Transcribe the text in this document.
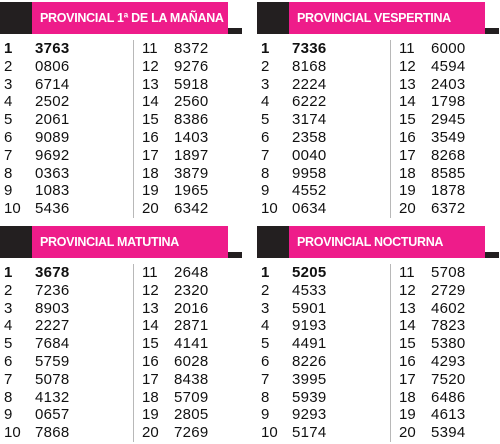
PROVINCIAL 1ª DE LA MAÑANA
1	3763
2	0806
3	6714
4	2502
5	2061
6	9089
7	9692
8	0363
9	1083
10 5436
11	8372
12	9276
13	5918
14	2560
15	8386
16	1403
17	1897
18	3879
19	1965
20	6342
PROVINCIAL VESPERTINA
1	7336
2	8168
3	2224
4	6222
5	3174
6	2358
7	0040
8	9958
9	4552
10 0634
11	6000
12	4594
13	2403
14	1798
15	2945
16	3549
17	8268
18	8585
19	1878
20	6372
PROVINCIAL MATUTINA
1	3678
2	7236
3	8903
4	2227
5	7684
6	5759
7	5078
8	4132
9	0657
10 7868
11	2648
12	2320
13	2016
14	2871
15	4141
16	6028
17	8438
18	5709
19	2805
20	7269
PROVINCIAL NOCTURNA
1	5205
2	4533
3	5901
4	9193
5	4491
6	8226
7	3995
8	5939
9	9293
10 5174
11	5708
12	2729
13	4602
14	7823
15	5380
16	4293
17	7520
18	6486
19	4613
20	5394
